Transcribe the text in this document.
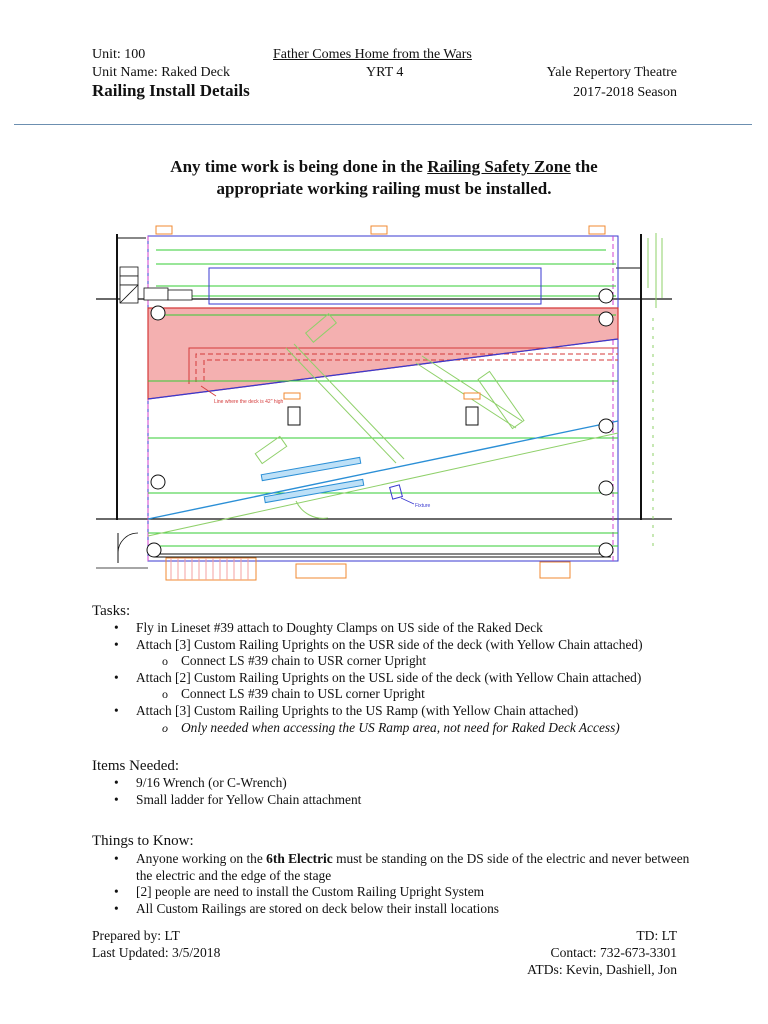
Unit: 100	Father Comes Home from the Wars
Unit Name: Raked Deck	YRT 4	Yale Repertory Theatre
Railing Install Details	2017-2018 Season
Any time work is being done in the Railing Safety Zone the
appropriate working railing must be installed.
Fixture
Line where the deck is 42" high
Tasks:
• Fly in Lineset #39 attach to Doughty Clamps on US side of the Raked Deck
• Attach [3] Custom Railing Uprights on the USR side of the deck (with Yellow Chain attached)
o Connect LS #39 chain to USR corner Upright
• Attach [2] Custom Railing Uprights on the USL side of the deck (with Yellow Chain attached)
o Connect LS #39 chain to USL corner Upright
• Attach [3] Custom Railing Uprights to the US Ramp (with Yellow Chain attached)
o Only needed when accessing the US Ramp area, not need for Raked Deck Access)
Items Needed:
• 9/16 Wrench (or C-Wrench)
• Small ladder for Yellow Chain attachment
Things to Know:
• Anyone working on the 6th Electric must be standing on the DS side of the electric and never between the electric and the edge of the stage
• [2] people are need to install the Custom Railing Upright System
• All Custom Railings are stored on deck below their install locations
Prepared by: LT
Last Updated: 3/5/2018
TD: LT
Contact: 732-673-3301
ATDs: Kevin, Dashiell, Jon
